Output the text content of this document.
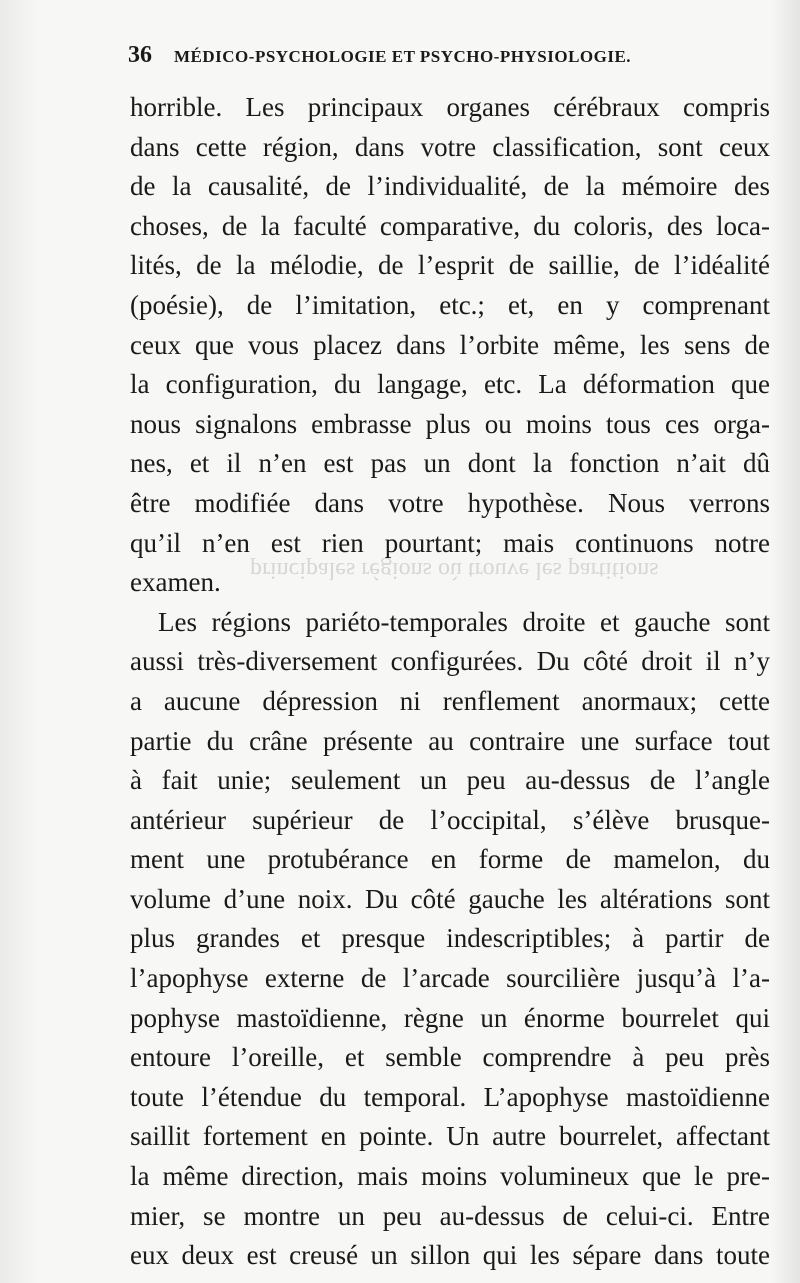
36 MÉDICO-PSYCHOLOGIE ET PSYCHO-PHYSIOLOGIE.
principales régions où trouve les partitions
horrible. Les principaux organes cérébraux compris
dans cette région, dans votre classification, sont ceux
de la causalité, de l’individualité, de la mémoire des
choses, de la faculté comparative, du coloris, des loca-
lités, de la mélodie, de l’esprit de saillie, de l’idéalité
(poésie), de l’imitation, etc.; et, en y comprenant
ceux que vous placez dans l’orbite même, les sens de
la configuration, du langage, etc. La déformation que
nous signalons embrasse plus ou moins tous ces orga-
nes, et il n’en est pas un dont la fonction n’ait dû
être modifiée dans votre hypothèse. Nous verrons
qu’il n’en est rien pourtant; mais continuons notre
examen.
Les régions pariéto-temporales droite et gauche sont
aussi très-diversement configurées. Du côté droit il n’y
a aucune dépression ni renflement anormaux; cette
partie du crâne présente au contraire une surface tout
à fait unie; seulement un peu au-dessus de l’angle
antérieur supérieur de l’occipital, s’élève brusque-
ment une protubérance en forme de mamelon, du
volume d’une noix. Du côté gauche les altérations sont
plus grandes et presque indescriptibles; à partir de
l’apophyse externe de l’arcade sourcilière jusqu’à l’a-
pophyse mastoïdienne, règne un énorme bourrelet qui
entoure l’oreille, et semble comprendre à peu près
toute l’étendue du temporal. L’apophyse mastoïdienne
saillit fortement en pointe. Un autre bourrelet, affectant
la même direction, mais moins volumineux que le pre-
mier, se montre un peu au-dessus de celui-ci. Entre
eux deux est creusé un sillon qui les sépare dans toute
